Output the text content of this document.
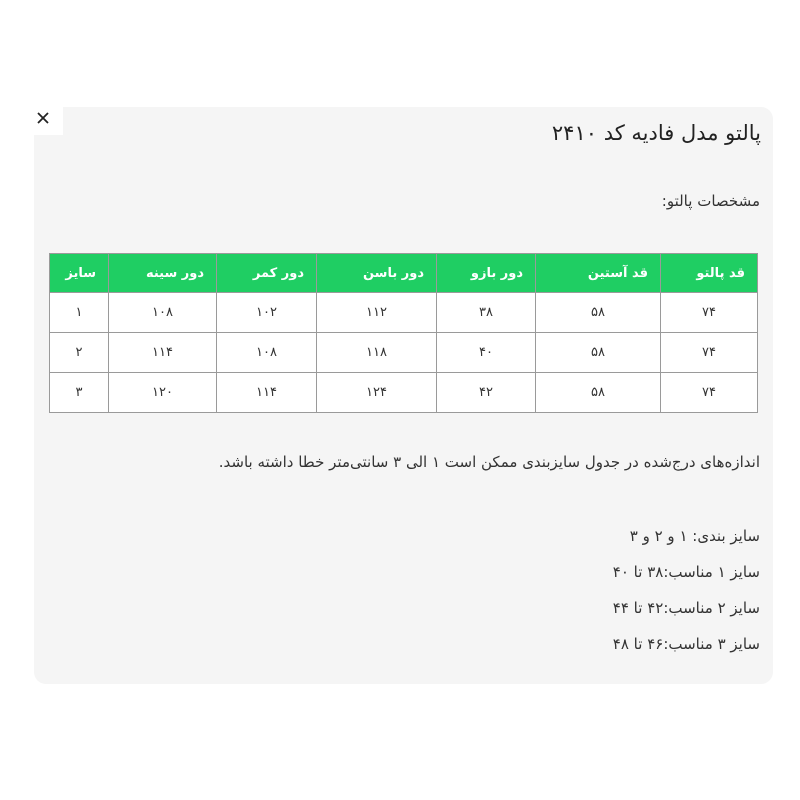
پالتو مدل فادیه کد ۲۴۱۰
مشخصات پالتو:
قد پالتو	قد آستین	دور بازو	دور باسن	دور کمر	دور سینه	سایز
۷۴	۵۸	۳۸	۱۱۲	۱۰۲	۱۰۸	۱
۷۴	۵۸	۴۰	۱۱۸	۱۰۸	۱۱۴	۲
۷۴	۵۸	۴۲	۱۲۴	۱۱۴	۱۲۰	۳
اندازه‌های درج‌شده در جدول سایزبندی ممکن است ۱ الی ۳ سانتی‌متر خطا داشته باشد.
سایز بندی: ۱ و ۲ و ۳
سایز ۱ مناسب:۳۸ تا ۴۰
سایز ۲ مناسب:۴۲ تا ۴۴
سایز ۳ مناسب:۴۶ تا ۴۸
